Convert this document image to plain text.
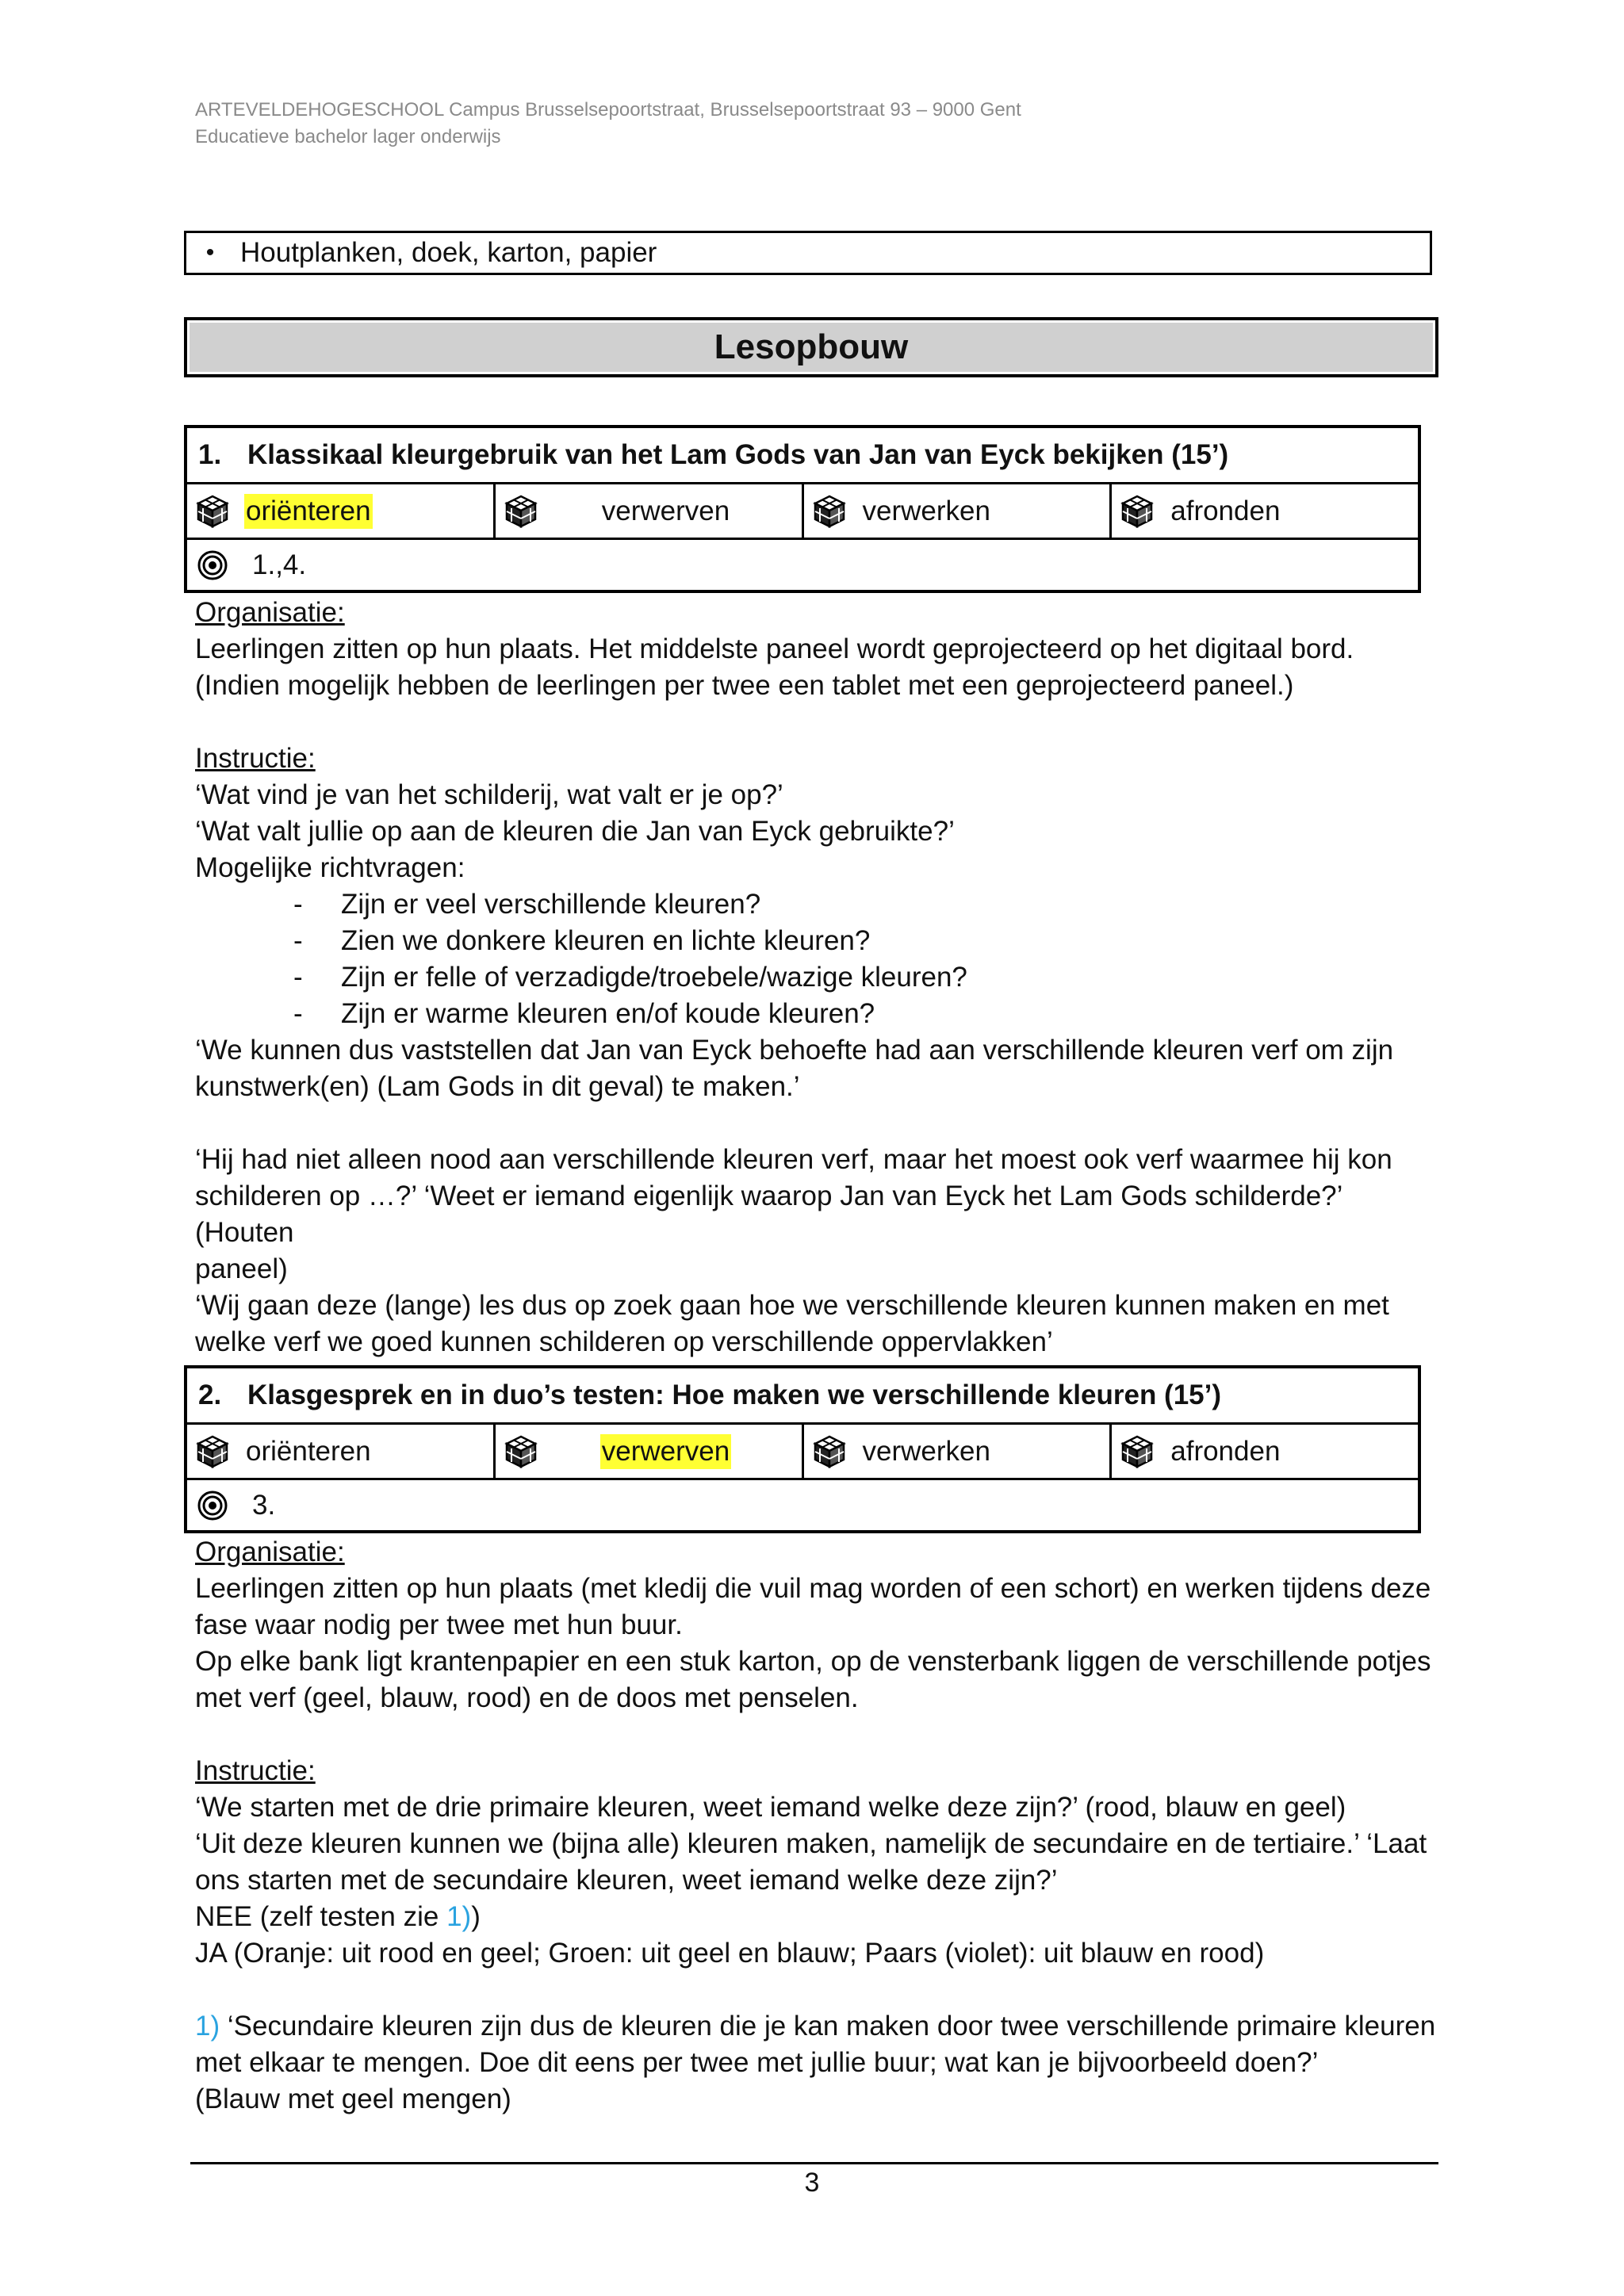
ARTEVELDEHOGESCHOOL Campus Brusselsepoortstraat, Brusselsepoortstraat 93 – 9000 Gent
Educatieve bachelor lager onderwijs
• Houtplanken, doek, karton, papier
Lesopbouw
1. Klassikaal kleurgebruik van het Lam Gods van Jan van Eyck bekijken (15’)
oriënteren	verwerven	verwerken	afronden
1.,4.

Organisatie:

Leerlingen zitten op hun plaats. Het middelste paneel wordt geprojecteerd op het digitaal bord.

(Indien mogelijk hebben de leerlingen per twee een tablet met een geprojecteerd paneel.)

Instructie:

‘Wat vind je van het schilderij, wat valt er je op?’

‘Wat valt jullie op aan de kleuren die Jan van Eyck gebruikte?’

Mogelijke richtvragen:

- Zijn er veel verschillende kleuren?
- Zien we donkere kleuren en lichte kleuren?
- Zijn er felle of verzadigde/troebele/wazige kleuren?
- Zijn er warme kleuren en/of koude kleuren?

‘We kunnen dus vaststellen dat Jan van Eyck behoefte had aan verschillende kleuren verf om zijn

kunstwerk(en) (Lam Gods in dit geval) te maken.’

‘Hij had niet alleen nood aan verschillende kleuren verf, maar het moest ook verf waarmee hij kon

schilderen op …?’ ‘Weet er iemand eigenlijk waarop Jan van Eyck het Lam Gods schilderde?’ (Houten

paneel)

‘Wij gaan deze (lange) les dus op zoek gaan hoe we verschillende kleuren kunnen maken en met

welke verf we goed kunnen schilderen op verschillende oppervlakken’

2. Klasgesprek en in duo’s testen: Hoe maken we verschillende kleuren (15’)
oriënteren	verwerven	verwerken	afronden
3.

Organisatie:

Leerlingen zitten op hun plaats (met kledij die vuil mag worden of een schort) en werken tijdens deze

fase waar nodig per twee met hun buur.

Op elke bank ligt krantenpapier en een stuk karton, op de vensterbank liggen de verschillende potjes

met verf (geel, blauw, rood) en de doos met penselen.

Instructie:

‘We starten met de drie primaire kleuren, weet iemand welke deze zijn?’ (rood, blauw en geel)

‘Uit deze kleuren kunnen we (bijna alle) kleuren maken, namelijk de secundaire en de tertiaire.’ ‘Laat

ons starten met de secundaire kleuren, weet iemand welke deze zijn?’

NEE (zelf testen zie 1))

JA (Oranje: uit rood en geel; Groen: uit geel en blauw; Paars (violet): uit blauw en rood)

1) ‘Secundaire kleuren zijn dus de kleuren die je kan maken door twee verschillende primaire kleuren

met elkaar te mengen. Doe dit eens per twee met jullie buur; wat kan je bijvoorbeeld doen?’

(Blauw met geel mengen)

3
